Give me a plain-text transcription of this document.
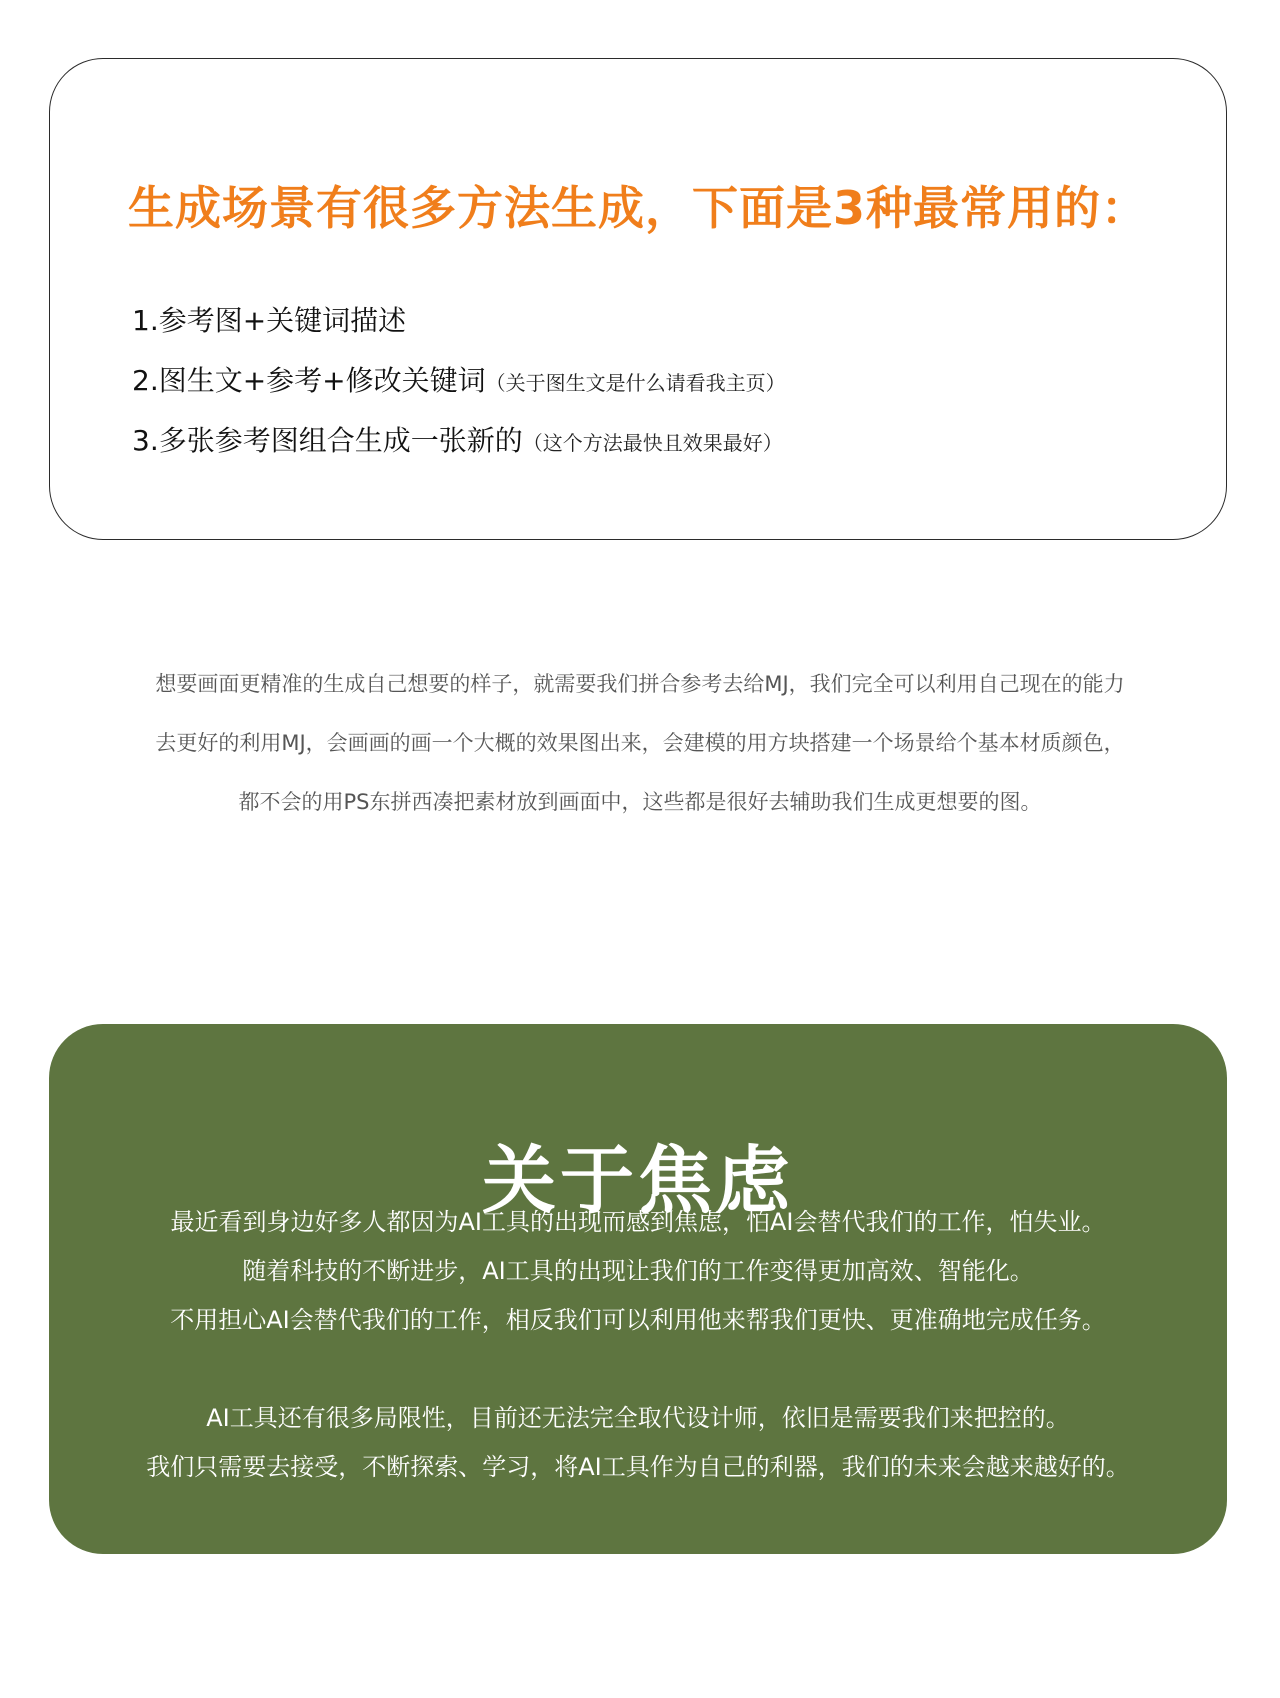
生成场景有很多方法生成，下面是3种最常用的：
1.参考图+关键词描述
2.图生文+参考+修改关键词（关于图生文是什么请看我主页）
3.多张参考图组合生成一张新的（这个方法最快且效果最好）

想要画面更精准的生成自己想要的样子，就需要我们拼合参考去给MJ，我们完全可以利用自己现在的能力
去更好的利用MJ，会画画的画一个大概的效果图出来，会建模的用方块搭建一个场景给个基本材质颜色，
都不会的用PS东拼西凑把素材放到画面中，这些都是很好去辅助我们生成更想要的图。

关于焦虑
最近看到身边好多人都因为AI工具的出现而感到焦虑，怕AI会替代我们的工作，怕失业。
随着科技的不断进步，AI工具的出现让我们的工作变得更加高效、智能化。
不用担心AI会替代我们的工作，相反我们可以利用他来帮我们更快、更准确地完成任务。
AI工具还有很多局限性，目前还无法完全取代设计师，依旧是需要我们来把控的。
我们只需要去接受，不断探索、学习，将AI工具作为自己的利器，我们的未来会越来越好的。
